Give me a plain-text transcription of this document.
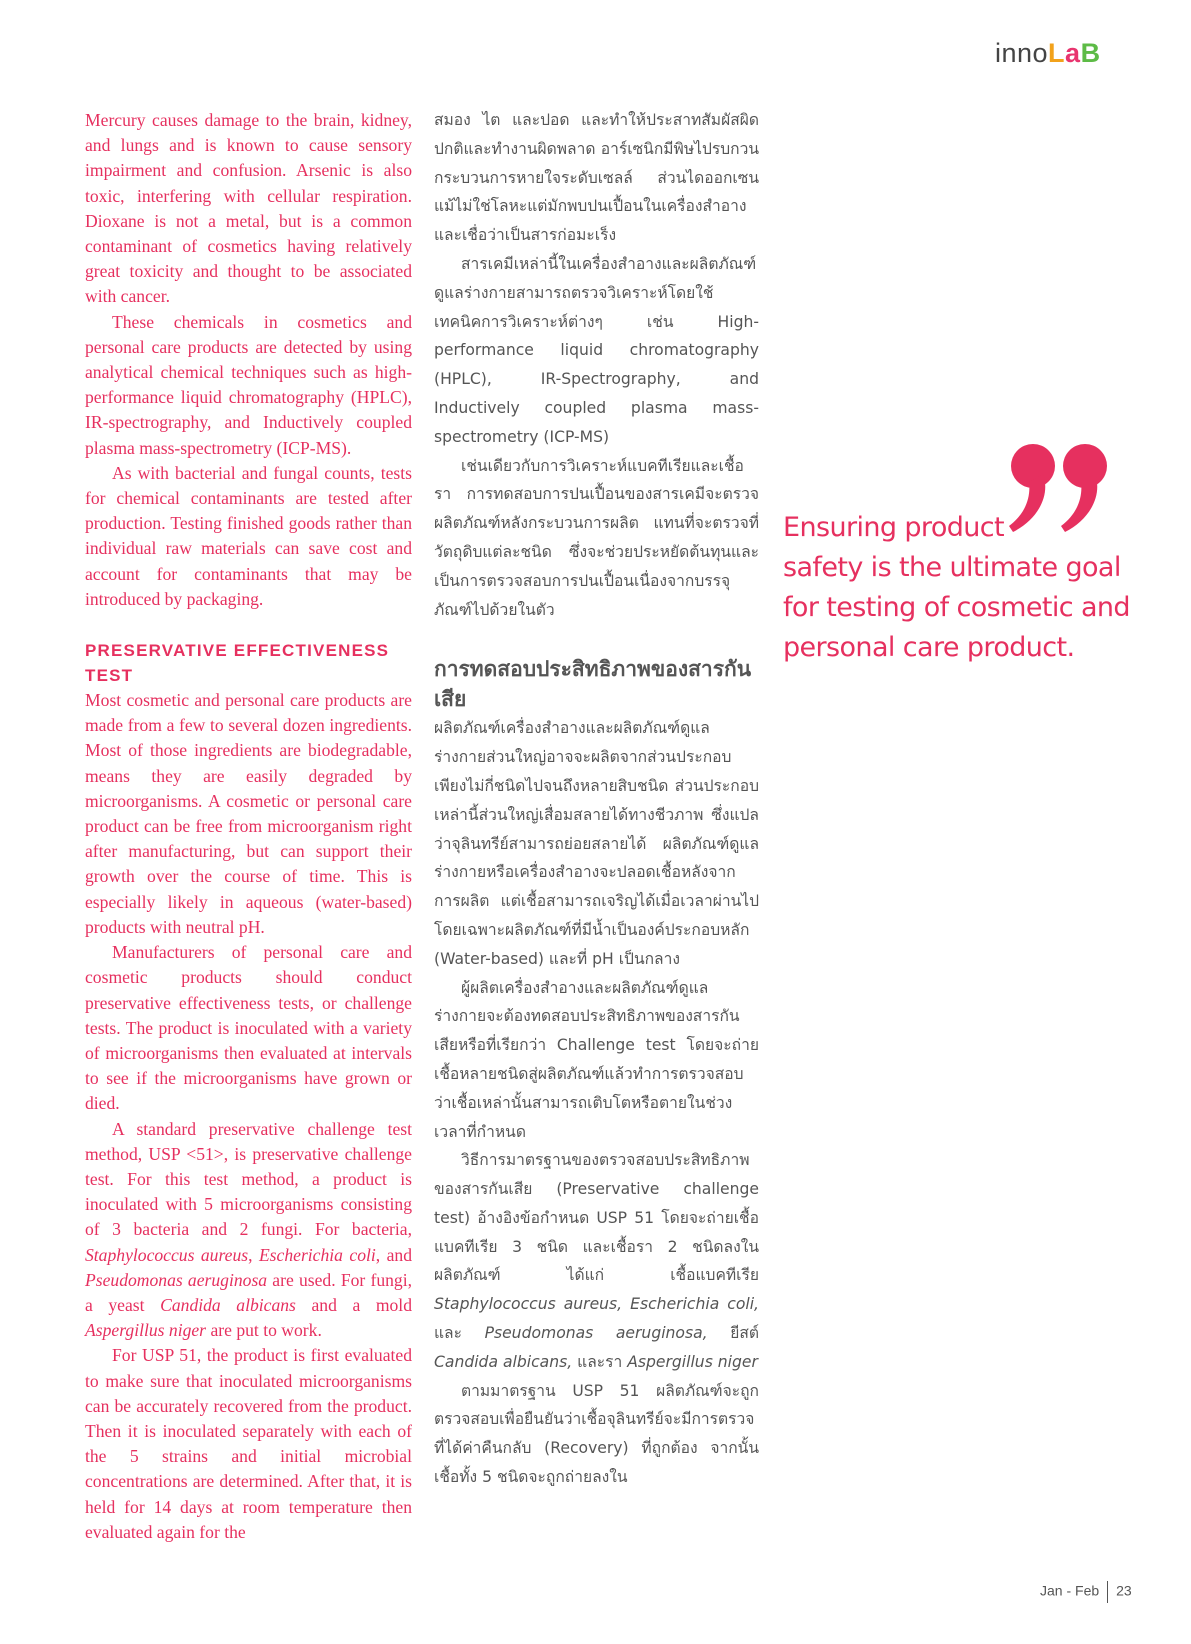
innoLaB

Mercury causes damage to the brain, kidney, and lungs and is known to cause sensory impairment and confusion. Arsenic is also toxic, interfering with cellular respiration. Dioxane is not a metal, but is a common contaminant of cosmetics having relatively great toxicity and thought to be associated with cancer.

These chemicals in cosmetics and personal care products are detected by using analytical chemical techniques such as high-performance liquid chromatography (HPLC), IR-spectrography, and Inductively coupled plasma mass-spectrometry (ICP-MS).

As with bacterial and fungal counts, tests for chemical contaminants are tested after production. Testing finished goods rather than individual raw materials can save cost and account for contaminants that may be introduced by packaging.

PRESERVATIVE EFFECTIVENESS TEST

Most cosmetic and personal care products are made from a few to several dozen ingredients. Most of those ingredients are biodegradable, means they are easily degraded by microorganisms. A cosmetic or personal care product can be free from microorganism right after manufacturing, but can support their growth over the course of time. This is especially likely in aqueous (water-based) products with neutral pH.

Manufacturers of personal care and cosmetic products should conduct preservative effectiveness tests, or challenge tests. The product is inoculated with a variety of microorganisms then evaluated at intervals to see if the microorganisms have grown or died.

A standard preservative challenge test method, USP <51>, is preservative challenge test. For this test method, a product is inoculated with 5 microorganisms consisting of 3 bacteria and 2 fungi. For bacteria, Staphylococcus aureus, Escherichia coli, and Pseudomonas aeruginosa are used. For fungi, a yeast Candida albicans and a mold Aspergillus niger are put to work.

For USP 51, the product is first evaluated to make sure that inoculated microorganisms can be accurately recovered from the product. Then it is inoculated separately with each of the 5 strains and initial microbial concentrations are determined. After that, it is held for 14 days at room temperature then evaluated again for the

สมอง ไต และปอด และทำให้ประสาทสัมผัสผิดปกติและทำงานผิดพลาด อาร์เซนิกมีพิษไปรบกวนกระบวนการหายใจระดับเซลล์ ส่วนไดออกเซนแม้ไม่ใช่โลหะแต่มักพบปนเปื้อนในเครื่องสำอางและเชื่อว่าเป็นสารก่อมะเร็ง

สารเคมีเหล่านี้ในเครื่องสำอางและผลิตภัณฑ์ดูแลร่างกายสามารถตรวจวิเคราะห์โดยใช้เทคนิคการวิเคราะห์ต่างๆ เช่น High-performance liquid chromatography (HPLC), IR-Spectrography, and Inductively coupled plasma mass-spectrometry (ICP-MS)

เช่นเดียวกับการวิเคราะห์แบคทีเรียและเชื้อรา การทดสอบการปนเปื้อนของสารเคมีจะตรวจผลิตภัณฑ์หลังกระบวนการผลิต แทนที่จะตรวจที่วัตถุดิบแต่ละชนิด ซึ่งจะช่วยประหยัดต้นทุนและเป็นการตรวจสอบการปนเปื้อนเนื่องจากบรรจุภัณฑ์ไปด้วยในตัว

การทดสอบประสิทธิภาพของสารกันเสีย

ผลิตภัณฑ์เครื่องสำอางและผลิตภัณฑ์ดูแลร่างกายส่วนใหญ่อาจจะผลิตจากส่วนประกอบเพียงไม่กี่ชนิดไปจนถึงหลายสิบชนิด ส่วนประกอบเหล่านี้ส่วนใหญ่เสื่อมสลายได้ทางชีวภาพ ซึ่งแปลว่าจุลินทรีย์สามารถย่อยสลายได้ ผลิตภัณฑ์ดูแลร่างกายหรือเครื่องสำอางจะปลอดเชื้อหลังจากการผลิต แต่เชื้อสามารถเจริญได้เมื่อเวลาผ่านไป โดยเฉพาะผลิตภัณฑ์ที่มีน้ำเป็นองค์ประกอบหลัก (Water-based) และที่ pH เป็นกลาง

ผู้ผลิตเครื่องสำอางและผลิตภัณฑ์ดูแลร่างกายจะต้องทดสอบประสิทธิภาพของสารกันเสียหรือที่เรียกว่า Challenge test โดยจะถ่ายเชื้อหลายชนิดสู่ผลิตภัณฑ์แล้วทำการตรวจสอบว่าเชื้อเหล่านั้นสามารถเติบโตหรือตายในช่วงเวลาที่กำหนด

วิธีการมาตรฐานของตรวจสอบประสิทธิภาพของสารกันเสีย (Preservative challenge test) อ้างอิงข้อกำหนด USP 51 โดยจะถ่ายเชื้อแบคทีเรีย 3 ชนิด และเชื้อรา 2 ชนิดลงในผลิตภัณฑ์ ได้แก่ เชื้อแบคทีเรีย Staphylococcus aureus, Escherichia coli, และ Pseudomonas aeruginosa, ยีสต์ Candida albicans, และรา Aspergillus niger

ตามมาตรฐาน USP 51 ผลิตภัณฑ์จะถูกตรวจสอบเพื่อยืนยันว่าเชื้อจุลินทรีย์จะมีการตรวจที่ได้ค่าคืนกลับ (Recovery) ที่ถูกต้อง จากนั้นเชื้อทั้ง 5 ชนิดจะถูกถ่ายลงใน

Ensuring product
safety is the ultimate goal
for testing of cosmetic and
personal care product.
Jan - Feb 23
